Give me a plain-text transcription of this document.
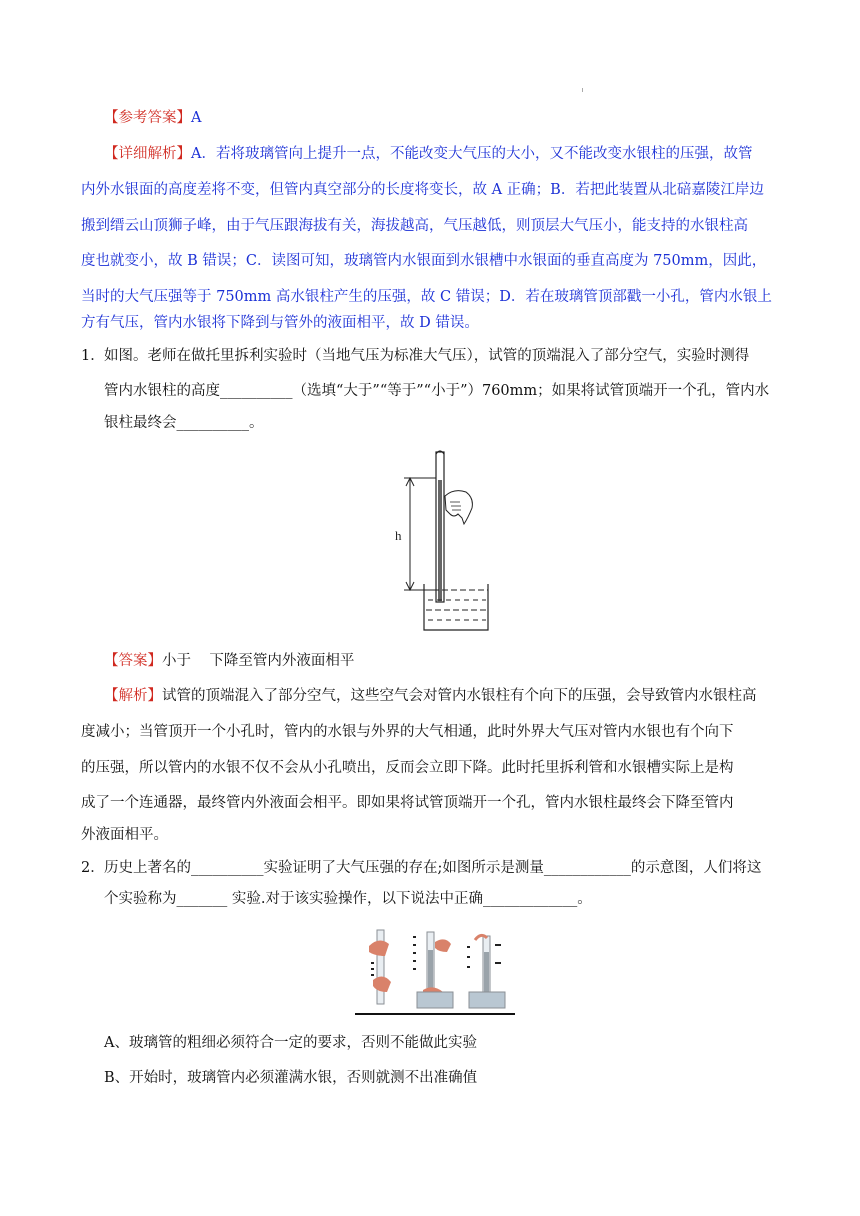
【参考答案】A
【详细解析】A．若将玻璃管向上提升一点，不能改变大气压的大小，又不能改变水银柱的压强，故管
内外水银面的高度差将不变，但管内真空部分的长度将变长，故 A 正确；B．若把此装置从北碚嘉陵江岸边
搬到缙云山顶狮子峰，由于气压跟海拔有关，海拔越高，气压越低，则顶层大气压小，能支持的水银柱高
度也就变小，故 B 错误；C．读图可知，玻璃管内水银面到水银槽中水银面的垂直高度为 750mm，因此，
当时的大气压强等于 750mm 高水银柱产生的压强，故 C 错误；D．若在玻璃管顶部戳一小孔，管内水银上
方有气压，管内水银将下降到与管外的液面相平，故 D 错误。
1． 如图。老师在做托里拆利实验时（当地气压为标准大气压），试管的顶端混入了部分空气，实验时测得
管内水银柱的高度__________（选填“大于”“等于”“小于”）760mm；如果将试管顶端开一个孔，管内水
银柱最终会__________。
h
【答案】小于    下降至管内外液面相平
【解析】试管的顶端混入了部分空气，这些空气会对管内水银柱有个向下的压强，会导致管内水银柱高
度减小；当管顶开一个小孔时，管内的水银与外界的大气相通，此时外界大气压对管内水银也有个向下
的压强，所以管内的水银不仅不会从小孔喷出，反而会立即下降。此时托里拆利管和水银槽实际上是构
成了一个连通器，最终管内外液面会相平。即如果将试管顶端开一个孔，管内水银柱最终会下降至管内
外液面相平。
2． 历史上著名的__________实验证明了大气压强的存在;如图所示是测量____________的示意图，人们将这
个实验称为_______ 实验.对于该实验操作，以下说法中正确_____________。
A、玻璃管的粗细必须符合一定的要求，否则不能做此实验
B、开始时，玻璃管内必须灌满水银，否则就测不出准确值
